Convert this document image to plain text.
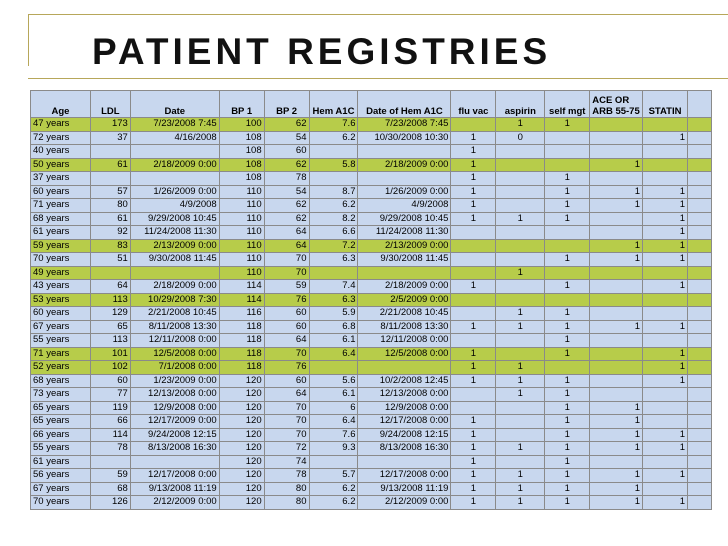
PATIENT REGISTRIES
Age	LDL	Date	BP 1	BP 2	Hem A1C	Date of Hem A1C	flu vac	aspirin	self mgt	ACE OR ARB 55-75	STATIN	
47 years	173	7/23/2008 7:45	100	62	7.6	7/23/2008 7:45		1	1			
72 years	37	4/16/2008	108	54	6.2	10/30/2008 10:30	1	0			1	
40 years			108	60			1					
50 years	61	2/18/2009 0:00	108	62	5.8	2/18/2009 0:00	1			1		
37 years			108	78			1		1			
60 years	57	1/26/2009 0:00	110	54	8.7	1/26/2009 0:00	1		1	1	1	
71 years	80	4/9/2008	110	62	6.2	4/9/2008	1		1	1	1	
68 years	61	9/29/2008 10:45	110	62	8.2	9/29/2008 10:45	1	1	1		1	
61 years	92	11/24/2008 11:30	110	64	6.6	11/24/2008 11:30					1	
59 years	83	2/13/2009 0:00	110	64	7.2	2/13/2009 0:00				1	1	
70 years	51	9/30/2008 11:45	110	70	6.3	9/30/2008 11:45			1	1	1	
49 years			110	70				1				
43 years	64	2/18/2009 0:00	114	59	7.4	2/18/2009 0:00	1		1		1	
53 years	113	10/29/2008 7:30	114	76	6.3	2/5/2009 0:00						
60 years	129	2/21/2008 10:45	116	60	5.9	2/21/2008 10:45		1	1			
67 years	65	8/11/2008 13:30	118	60	6.8	8/11/2008 13:30	1	1	1	1	1	
55 years	113	12/11/2008 0:00	118	64	6.1	12/11/2008 0:00			1			
71 years	101	12/5/2008 0:00	118	70	6.4	12/5/2008 0:00	1		1		1	
52 years	102	7/1/2008 0:00	118	76			1	1			1	
68 years	60	1/23/2009 0:00	120	60	5.6	10/2/2008 12:45	1	1	1		1	
73 years	77	12/13/2008 0:00	120	64	6.1	12/13/2008 0:00		1	1			
65 years	119	12/9/2008 0:00	120	70	6	12/9/2008 0:00			1	1		
65 years	66	12/17/2009 0:00	120	70	6.4	12/17/2008 0:00	1		1	1		
66 years	114	9/24/2008 12:15	120	70	7.6	9/24/2008 12:15	1		1	1	1	
55 years	78	8/13/2008 16:30	120	72	9.3	8/13/2008 16:30	1	1	1	1	1	
61 years			120	74			1		1			
56 years	59	12/17/2008 0:00	120	78	5.7	12/17/2008 0:00	1	1	1	1	1	
67 years	68	9/13/2008 11:19	120	80	6.2	9/13/2008 11:19	1	1	1	1		
70 years	126	2/12/2009 0:00	120	80	6.2	2/12/2009 0:00	1	1	1	1	1	
